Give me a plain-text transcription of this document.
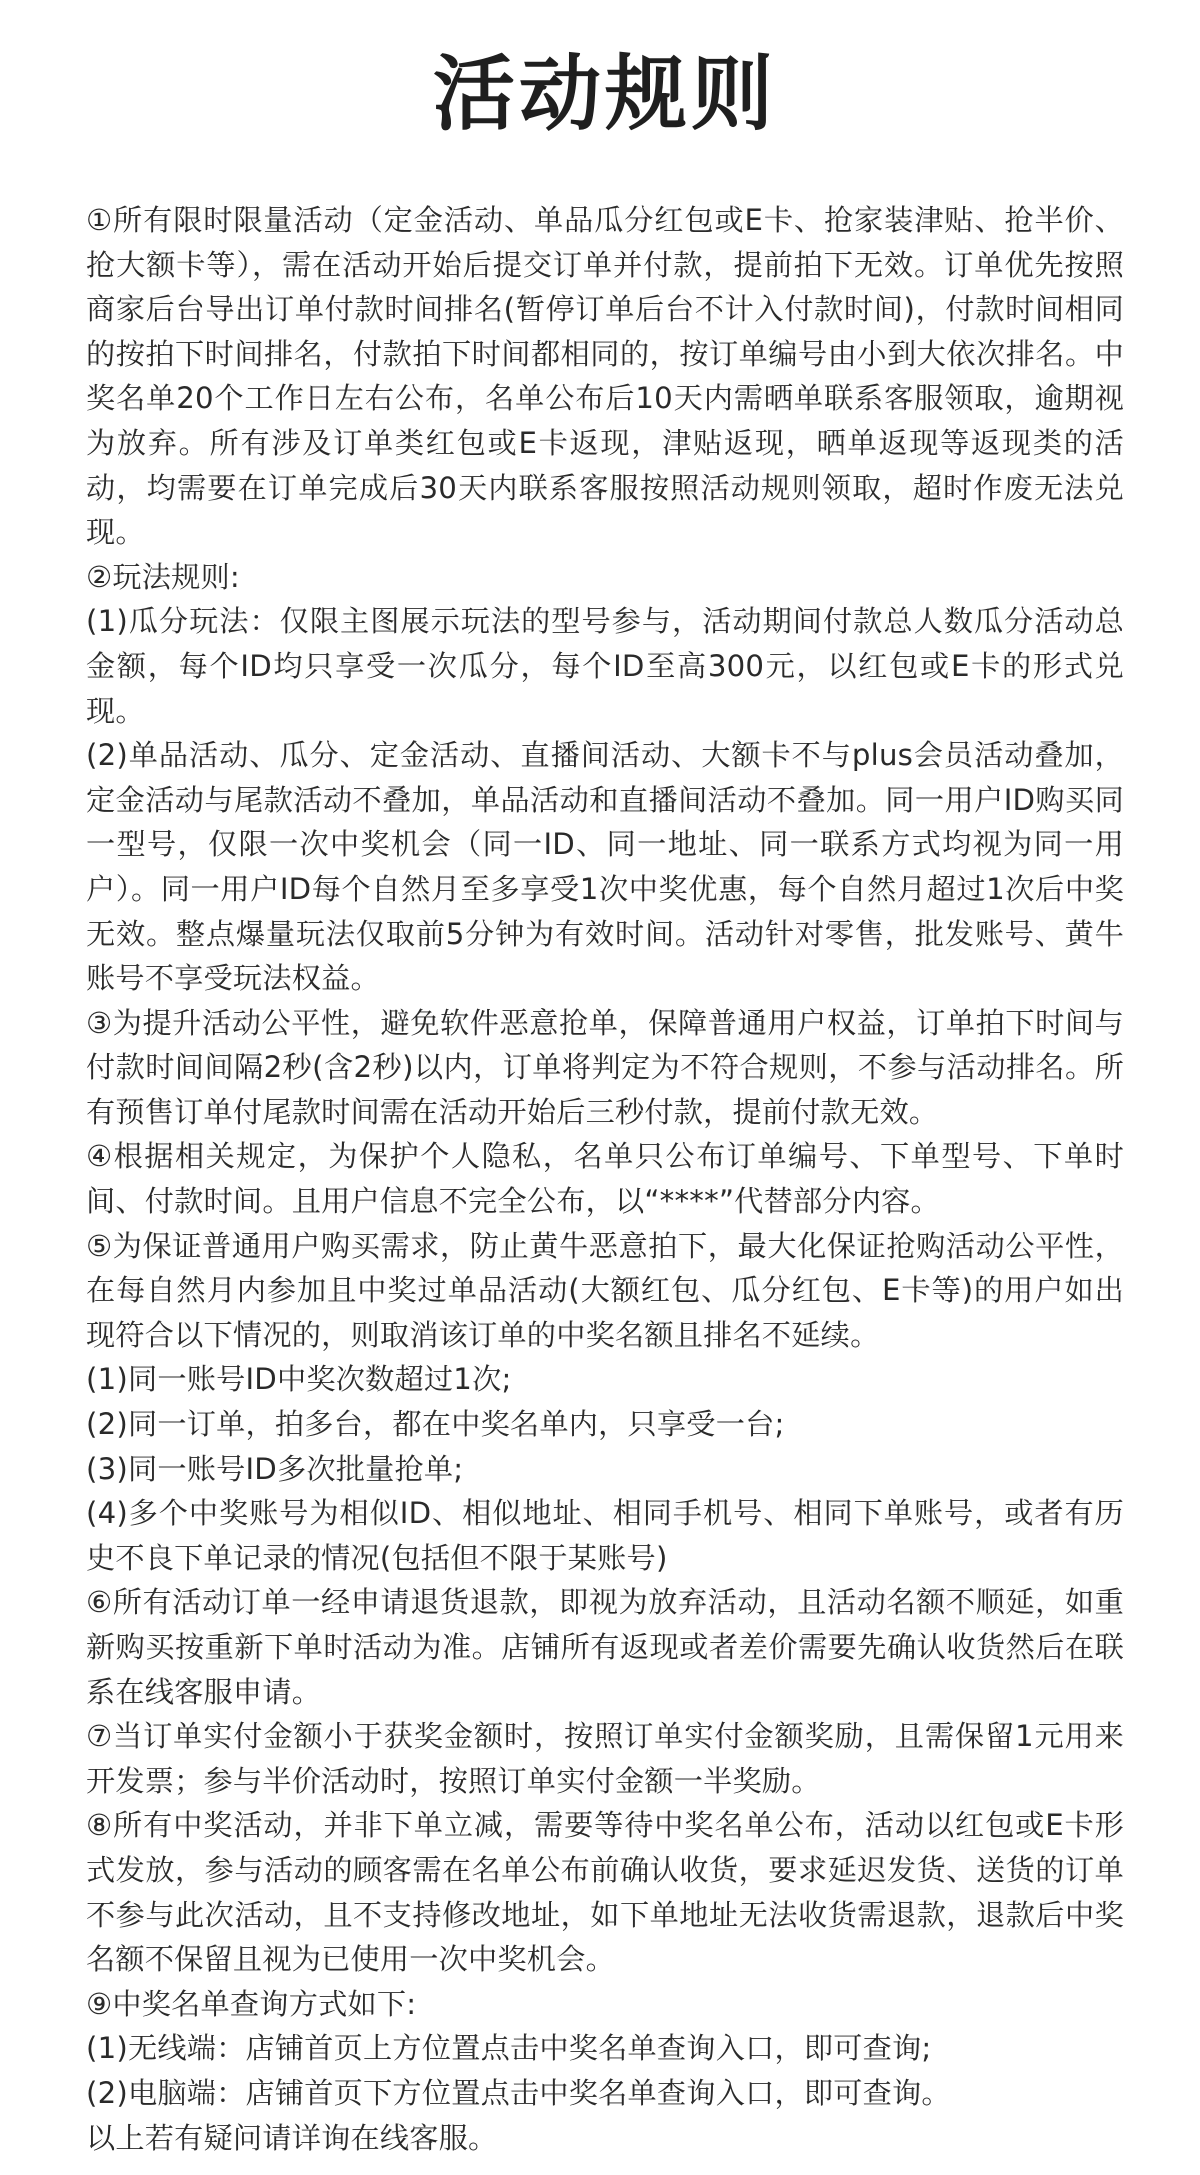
活动规则

①所有限时限量活动（定金活动、单品瓜分红包或E卡、抢家装津贴、抢半价、抢大额卡等），需在活动开始后提交订单并付款，提前拍下无效。订单优先按照商家后台导出订单付款时间排名(暂停订单后台不计入付款时间)，付款时间相同的按拍下时间排名，付款拍下时间都相同的，按订单编号由小到大依次排名。中奖名单20个工作日左右公布，名单公布后10天内需晒单联系客服领取，逾期视为放弃。所有涉及订单类红包或E卡返现，津贴返现，晒单返现等返现类的活动，均需要在订单完成后30天内联系客服按照活动规则领取，超时作废无法兑现。

②玩法规则:

(1)瓜分玩法：仅限主图展示玩法的型号参与，活动期间付款总人数瓜分活动总金额，每个ID均只享受一次瓜分，每个ID至高300元，以红包或E卡的形式兑现。

(2)单品活动、瓜分、定金活动、直播间活动、大额卡不与plus会员活动叠加，定金活动与尾款活动不叠加，单品活动和直播间活动不叠加。同一用户ID购买同一型号，仅限一次中奖机会（同一ID、同一地址、同一联系方式均视为同一用户）。同一用户ID每个自然月至多享受1次中奖优惠，每个自然月超过1次后中奖无效。整点爆量玩法仅取前5分钟为有效时间。活动针对零售，批发账号、黄牛账号不享受玩法权益。

③为提升活动公平性，避免软件恶意抢单，保障普通用户权益，订单拍下时间与付款时间间隔2秒(含2秒)以内，订单将判定为不符合规则，不参与活动排名。所有预售订单付尾款时间需在活动开始后三秒付款，提前付款无效。

④根据相关规定，为保护个人隐私，名单只公布订单编号、下单型号、下单时间、付款时间。且用户信息不完全公布，以“****”代替部分内容。

⑤为保证普通用户购买需求，防止黄牛恶意拍下，最大化保证抢购活动公平性，在每自然月内参加且中奖过单品活动(大额红包、瓜分红包、E卡等)的用户如出现符合以下情况的，则取消该订单的中奖名额且排名不延续。

(1)同一账号ID中奖次数超过1次;

(2)同一订单，拍多台，都在中奖名单内，只享受一台;

(3)同一账号ID多次批量抢单;

(4)多个中奖账号为相似ID、相似地址、相同手机号、相同下单账号，或者有历史不良下单记录的情况(包括但不限于某账号)

⑥所有活动订单一经申请退货退款，即视为放弃活动，且活动名额不顺延，如重新购买按重新下单时活动为准。店铺所有返现或者差价需要先确认收货然后在联系在线客服申请。

⑦当订单实付金额小于获奖金额时，按照订单实付金额奖励，且需保留1元用来开发票；参与半价活动时，按照订单实付金额一半奖励。

⑧所有中奖活动，并非下单立减，需要等待中奖名单公布，活动以红包或E卡形式发放，参与活动的顾客需在名单公布前确认收货，要求延迟发货、送货的订单不参与此次活动，且不支持修改地址，如下单地址无法收货需退款，退款后中奖名额不保留且视为已使用一次中奖机会。

⑨中奖名单查询方式如下:

(1)无线端：店铺首页上方位置点击中奖名单查询入口，即可查询;

(2)电脑端：店铺首页下方位置点击中奖名单查询入口，即可查询。

以上若有疑问请详询在线客服。
